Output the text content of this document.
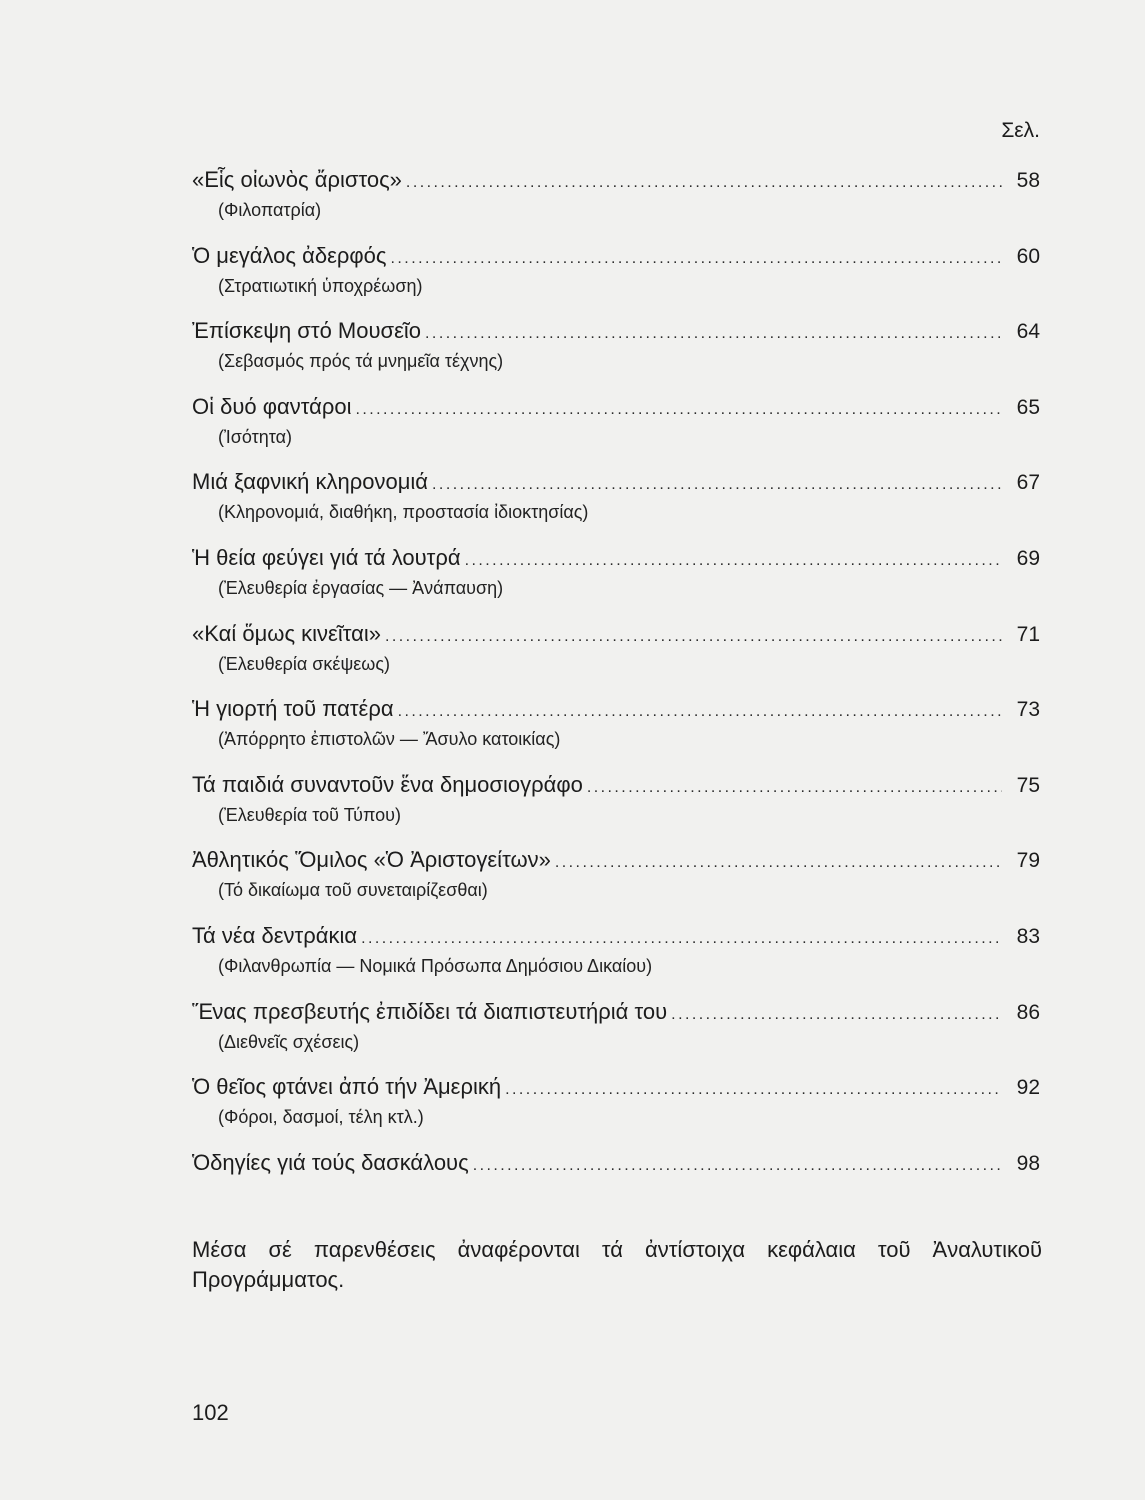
Σελ.
«Εἷς οἰωνὸς ἄριστος» . . .	58
(Φιλοπατρία)
Ὁ μεγάλος ἀδερφός . . .	60
(Στρατιωτική ὑποχρέωση)
Ἐπίσκεψη στό Μουσεῖο . . .	64
(Σεβασμός πρός τά μνημεῖα τέχνης)
Οἱ δυό φαντάροι . . .	65
(Ἰσότητα)
Μιά ξαφνική κληρονομιά . . .	67
(Κληρονομιά, διαθήκη, προστασία ἰδιοκτησίας)
Ἡ θεία φεύγει γιά τά λουτρά . . .	69
(Ἐλευθερία ἐργασίας — Ἀνάπαυση)
«Καί ὅμως κινεῖται» . . .	71
(Ἐλευθερία σκέψεως)
Ἡ γιορτή τοῦ πατέρα . . .	73
(Ἀπόρρητο ἐπιστολῶν — Ἄσυλο κατοικίας)
Τά παιδιά συναντοῦν ἕνα δημοσιογράφο . . .	75
(Ἐλευθερία τοῦ Τύπου)
Ἀθλητικός Ὅμιλος «Ὁ Ἀριστογείτων» . . .	79
(Τό δικαίωμα τοῦ συνεταιρίζεσθαι)
Τά νέα δεντράκια . . .	83
(Φιλανθρωπία — Νομικά Πρόσωπα Δημόσιου Δικαίου)
Ἕνας πρεσβευτής ἐπιδίδει τά διαπιστευτήριά του . . .	86
(Διεθνεῖς σχέσεις)
Ὁ θεῖος φτάνει ἀπό τήν Ἀμερική . . .	92
(Φόροι, δασμοί, τέλη κτλ.)
Ὁδηγίες γιά τούς δασκάλους . . .	98
Μέσα σέ παρενθέσεις ἀναφέρονται τά ἀντίστοιχα κεφάλαια τοῦ Ἀναλυτικοῦ Προγράμματος.
102
